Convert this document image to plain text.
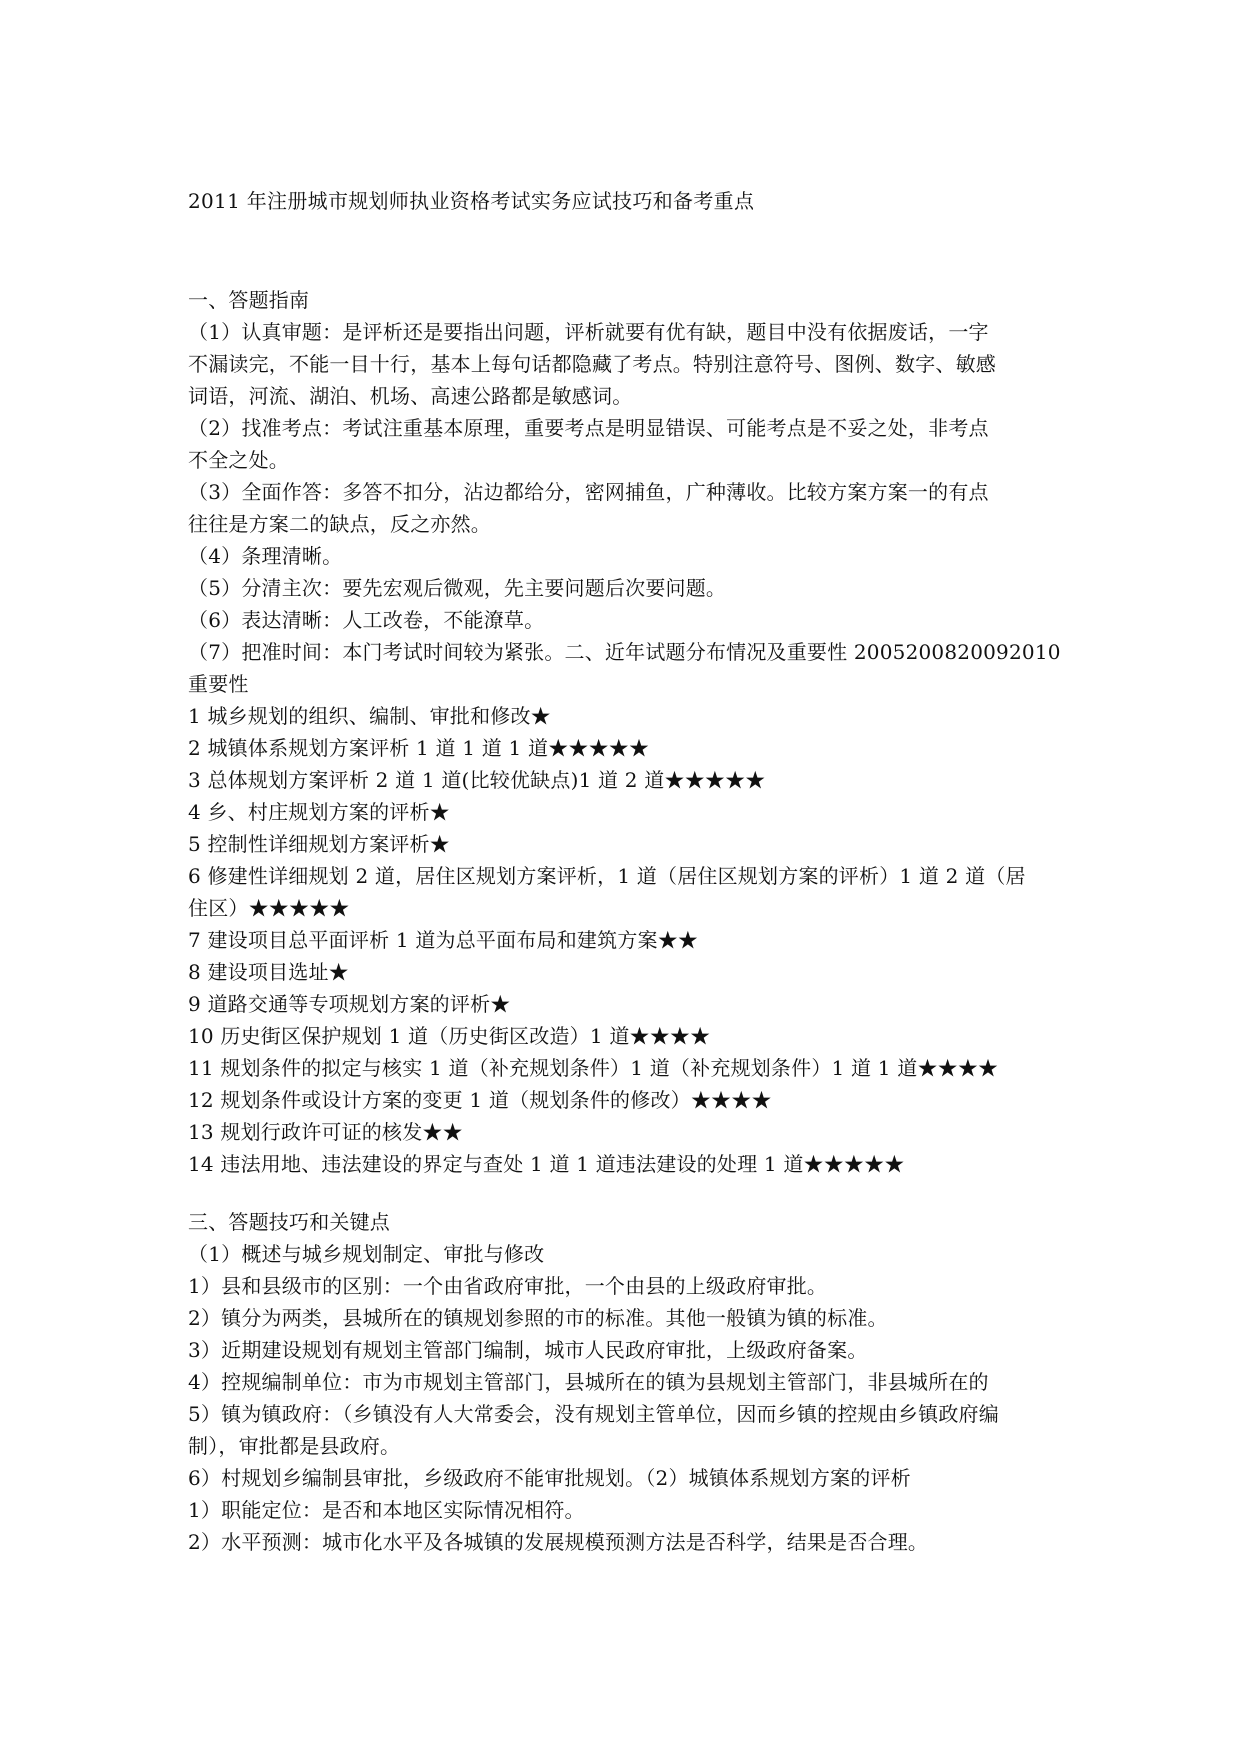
2011 年注册城市规划师执业资格考试实务应试技巧和备考重点
一、答题指南
（1）认真审题：是评析还是要指出问题，评析就要有优有缺，题目中没有依据废话，一字
不漏读完，不能一目十行，基本上每句话都隐藏了考点。特别注意符号、图例、数字、敏感
词语，河流、湖泊、机场、高速公路都是敏感词。
（2）找准考点：考试注重基本原理，重要考点是明显错误、可能考点是不妥之处，非考点
不全之处。
（3）全面作答：多答不扣分，沾边都给分，密网捕鱼，广种薄收。比较方案方案一的有点
往往是方案二的缺点，反之亦然。
（4）条理清晰。
（5）分清主次：要先宏观后微观，先主要问题后次要问题。
（6）表达清晰：人工改卷，不能潦草。
（7）把准时间：本门考试时间较为紧张。二、近年试题分布情况及重要性 2005200820092010
重要性
1 城乡规划的组织、编制、审批和修改★
2 城镇体系规划方案评析 1 道 1 道 1 道★★★★★
3 总体规划方案评析 2 道 1 道(比较优缺点)1 道 2 道★★★★★
4 乡、村庄规划方案的评析★
5 控制性详细规划方案评析★
6 修建性详细规划 2 道，居住区规划方案评析，1 道（居住区规划方案的评析）1 道 2 道（居
住区）★★★★★
7 建设项目总平面评析 1 道为总平面布局和建筑方案★★
8 建设项目选址★
9 道路交通等专项规划方案的评析★
10 历史街区保护规划 1 道（历史街区改造）1 道★★★★
11 规划条件的拟定与核实 1 道（补充规划条件）1 道（补充规划条件）1 道 1 道★★★★
12 规划条件或设计方案的变更 1 道（规划条件的修改）★★★★
13 规划行政许可证的核发★★
14 违法用地、违法建设的界定与查处 1 道 1 道违法建设的处理 1 道★★★★★
三、答题技巧和关键点
（1）概述与城乡规划制定、审批与修改
1）县和县级市的区别：一个由省政府审批，一个由县的上级政府审批。
2）镇分为两类，县城所在的镇规划参照的市的标准。其他一般镇为镇的标准。
3）近期建设规划有规划主管部门编制，城市人民政府审批，上级政府备案。
4）控规编制单位：市为市规划主管部门，县城所在的镇为县规划主管部门，非县城所在的
5）镇为镇政府：（乡镇没有人大常委会，没有规划主管单位，因而乡镇的控规由乡镇政府编
制），审批都是县政府。
6）村规划乡编制县审批，乡级政府不能审批规划。（2）城镇体系规划方案的评析
1）职能定位：是否和本地区实际情况相符。
2）水平预测：城市化水平及各城镇的发展规模预测方法是否科学，结果是否合理。
